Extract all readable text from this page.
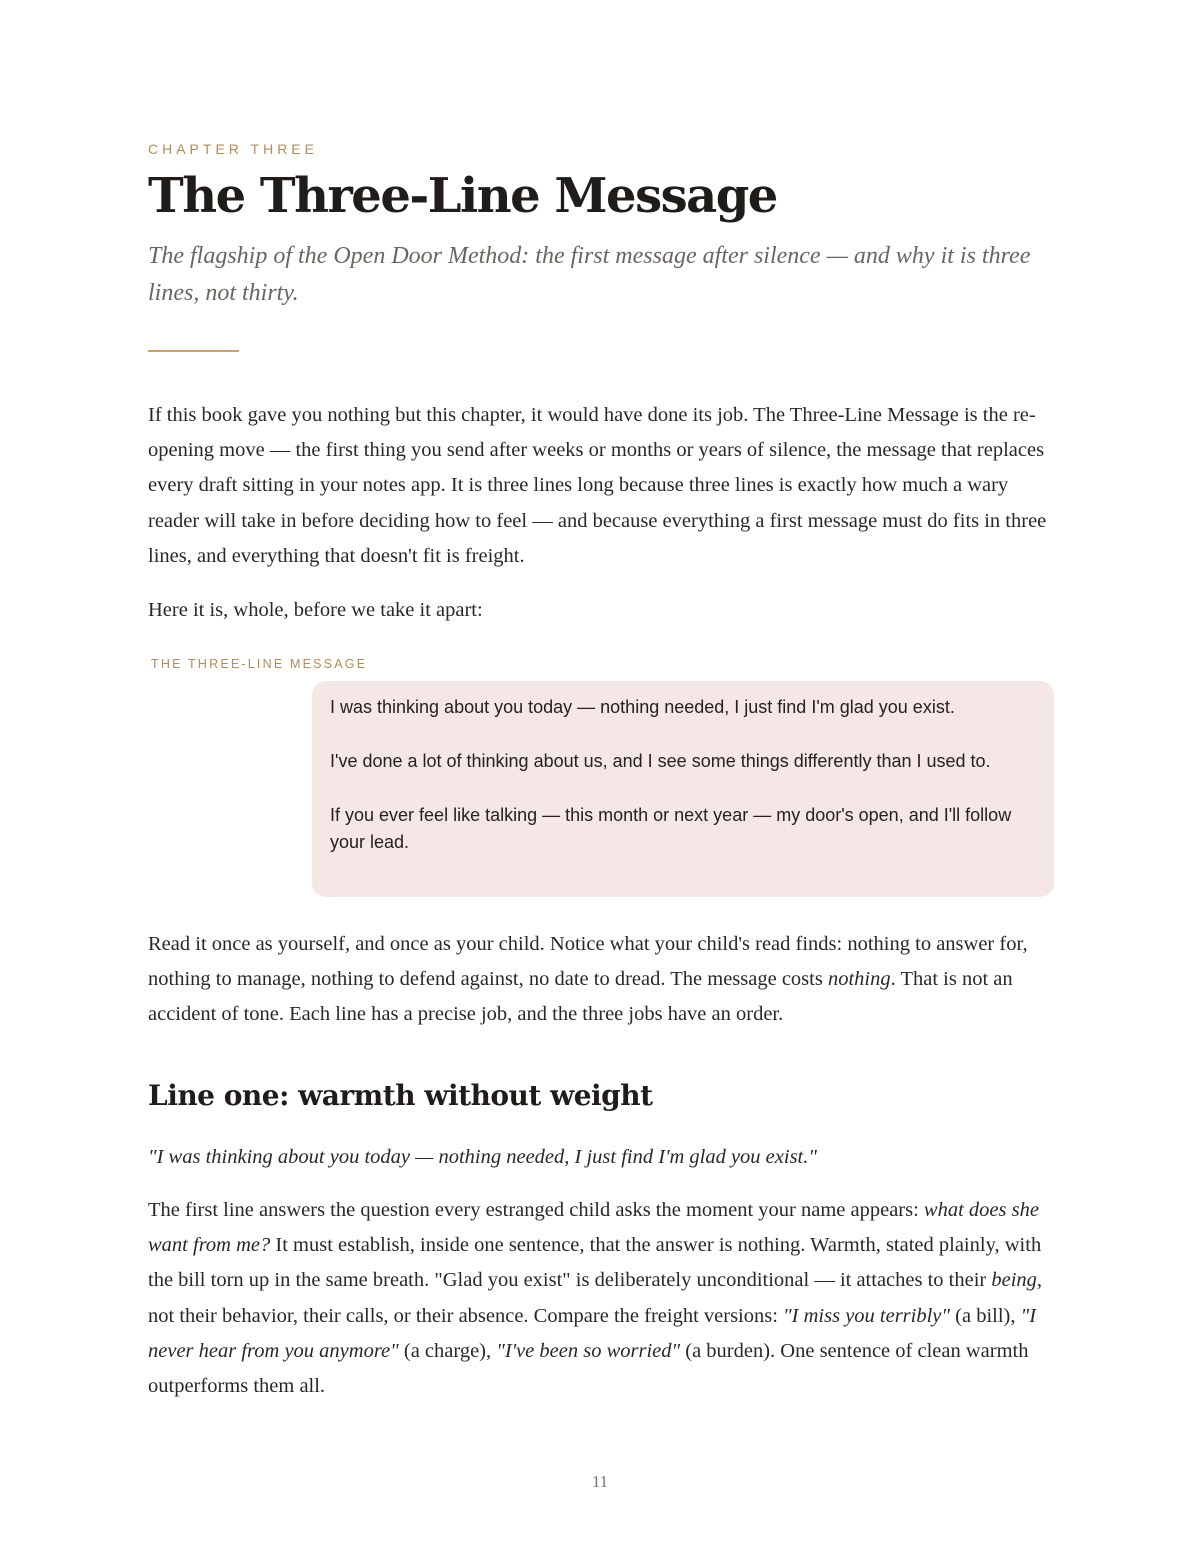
CHAPTER THREE
The Three-Line Message

The flagship of the Open Door Method: the first message after silence — and why it is three lines, not thirty.

If this book gave you nothing but this chapter, it would have done its job. The Three-Line Message is the re-opening move — the first thing you send after weeks or months or years of silence, the message that replaces every draft sitting in your notes app. It is three lines long because three lines is exactly how much a wary reader will take in before deciding how to feel — and because everything a first message must do fits in three lines, and everything that doesn't fit is freight.

Here it is, whole, before we take it apart:

THE THREE-LINE MESSAGE

I was thinking about you today — nothing needed, I just find I'm glad you exist.

I've done a lot of thinking about us, and I see some things differently than I used to.

If you ever feel like talking — this month or next year — my door's open, and I'll follow your lead.

Read it once as yourself, and once as your child. Notice what your child's read finds: nothing to answer for, nothing to manage, nothing to defend against, no date to dread. The message costs nothing. That is not an accident of tone. Each line has a precise job, and the three jobs have an order.

Line one: warmth without weight

"I was thinking about you today — nothing needed, I just find I'm glad you exist."

The first line answers the question every estranged child asks the moment your name appears: what does she want from me? It must establish, inside one sentence, that the answer is nothing. Warmth, stated plainly, with the bill torn up in the same breath. "Glad you exist" is deliberately unconditional — it attaches to their being, not their behavior, their calls, or their absence. Compare the freight versions: "I miss you terribly" (a bill), "I never hear from you anymore" (a charge), "I've been so worried" (a burden). One sentence of clean warmth outperforms them all.

11
